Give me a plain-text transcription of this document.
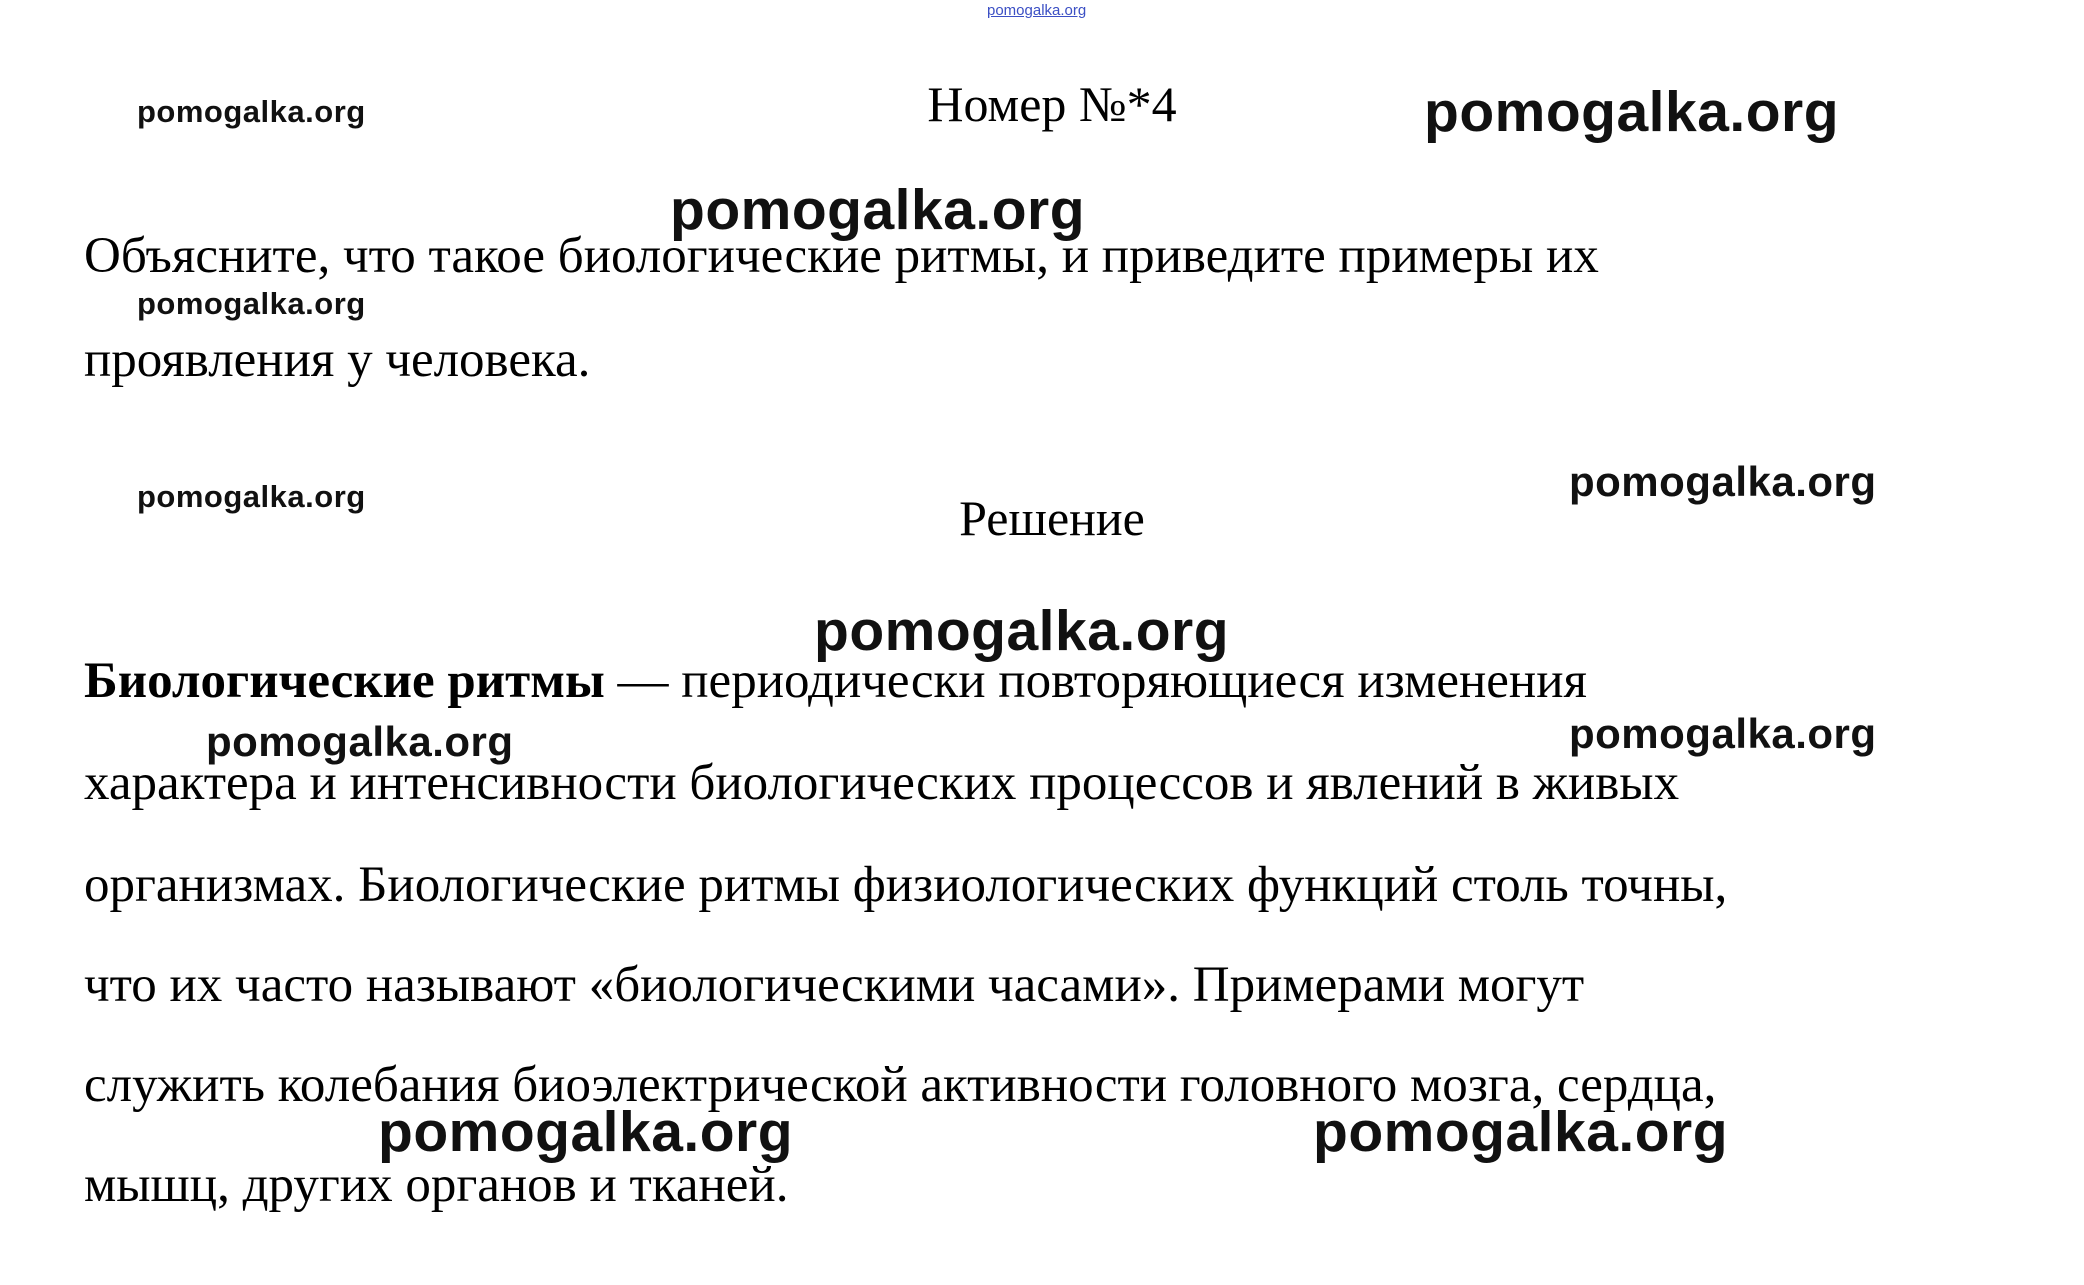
pomogalka.org
Номер №*4
Объясните, что такое биологические ритмы, и приведите примеры их
проявления у человека.
Решение
Биологические ритмы — периодически повторяющиеся изменения
характера и интенсивности биологических процессов и явлений в живых
организмах. Биологические ритмы физиологических функций столь точны,
что их часто называют «биологическими часами». Примерами могут
служить колебания биоэлектрической активности головного мозга, сердца,
мышц, других органов и тканей.
pomogalka.org	pomogalka.org
pomogalka.org
pomogalka.org
pomogalka.org
pomogalka.org
pomogalka.org
pomogalka.org	pomogalka.org
pomogalka.org	pomogalka.org
